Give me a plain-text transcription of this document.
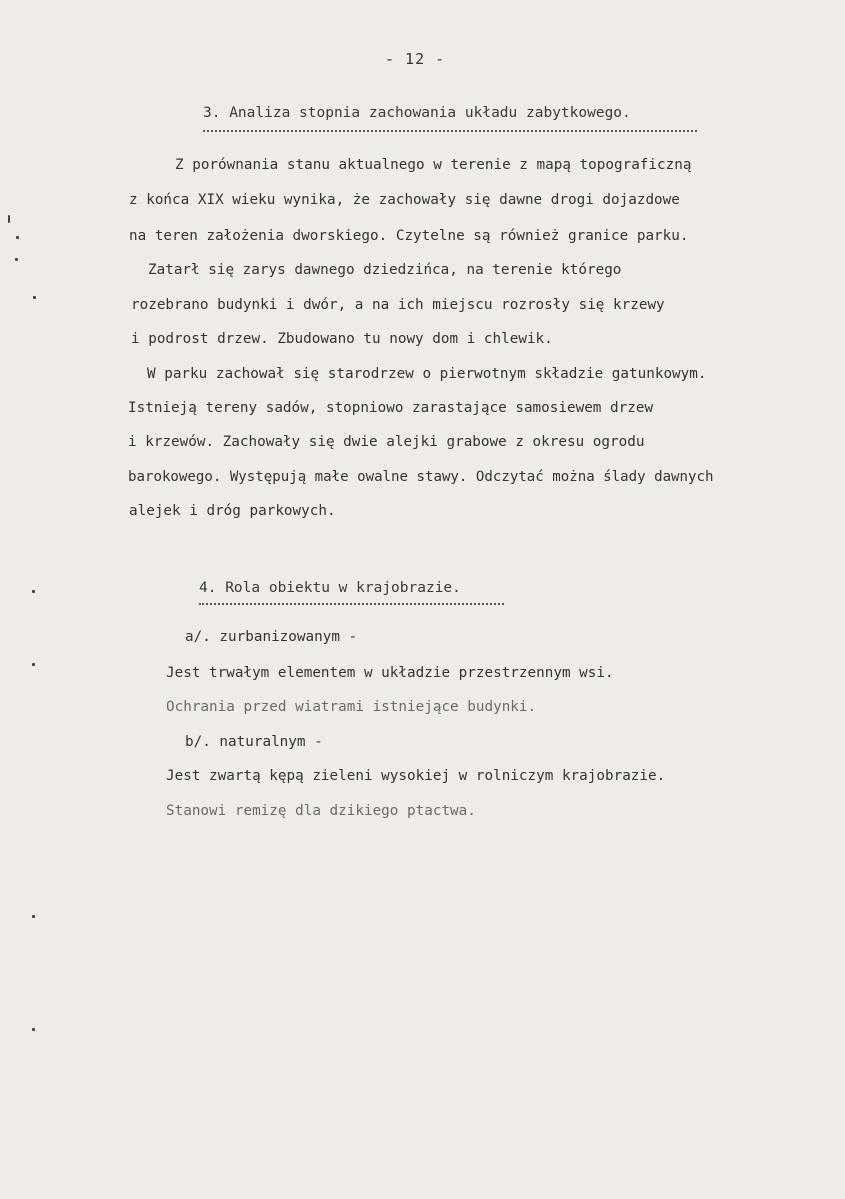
- 12 -
3. Analiza stopnia zachowania układu zabytkowego.
Z porównania stanu aktualnego w terenie z mapą topograficzną
z końca XIX wieku wynika, że zachowały się dawne drogi dojazdowe
na teren założenia dworskiego. Czytelne są również granice parku.
Zatarł się zarys dawnego dziedzińca, na terenie którego
rozebrano budynki i dwór, a na ich miejscu rozrosły się krzewy
i podrost drzew. Zbudowano tu nowy dom i chlewik.
W parku zachował się starodrzew o pierwotnym składzie gatunkowym.
Istnieją tereny sadów, stopniowo zarastające samosiewem drzew
i krzewów. Zachowały się dwie alejki grabowe z okresu ogrodu
barokowego. Występują małe owalne stawy. Odczytać można ślady dawnych
alejek i dróg parkowych.
4. Rola obiektu w krajobrazie.
a/. zurbanizowanym -
Jest trwałym elementem w układzie przestrzennym wsi.
Ochrania przed wiatrami istniejące budynki.
b/. naturalnym -
Jest zwartą kępą zieleni wysokiej w rolniczym krajobrazie.
Stanowi remizę dla dzikiego ptactwa.
